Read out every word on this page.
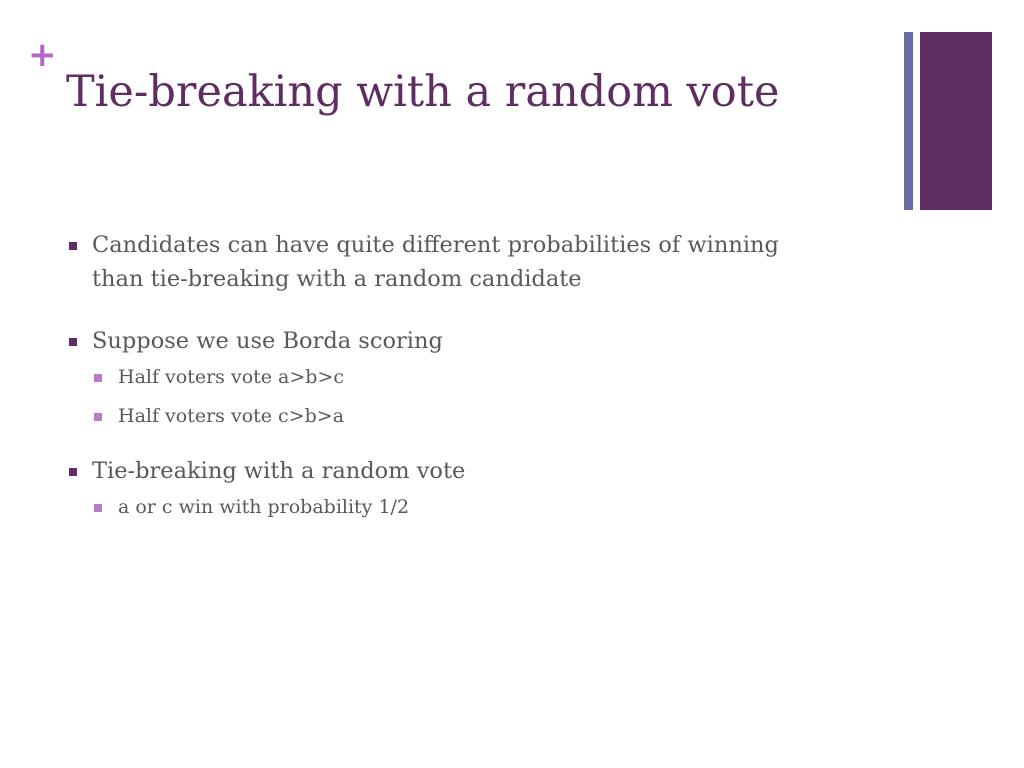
+
Tie-breaking with a random vote
Candidates can have quite different probabilities of winning
than tie-breaking with a random candidate
Suppose we use Borda scoring
Half voters vote a>b>c
Half voters vote c>b>a
Tie-breaking with a random vote
a or c win with probability 1/2
